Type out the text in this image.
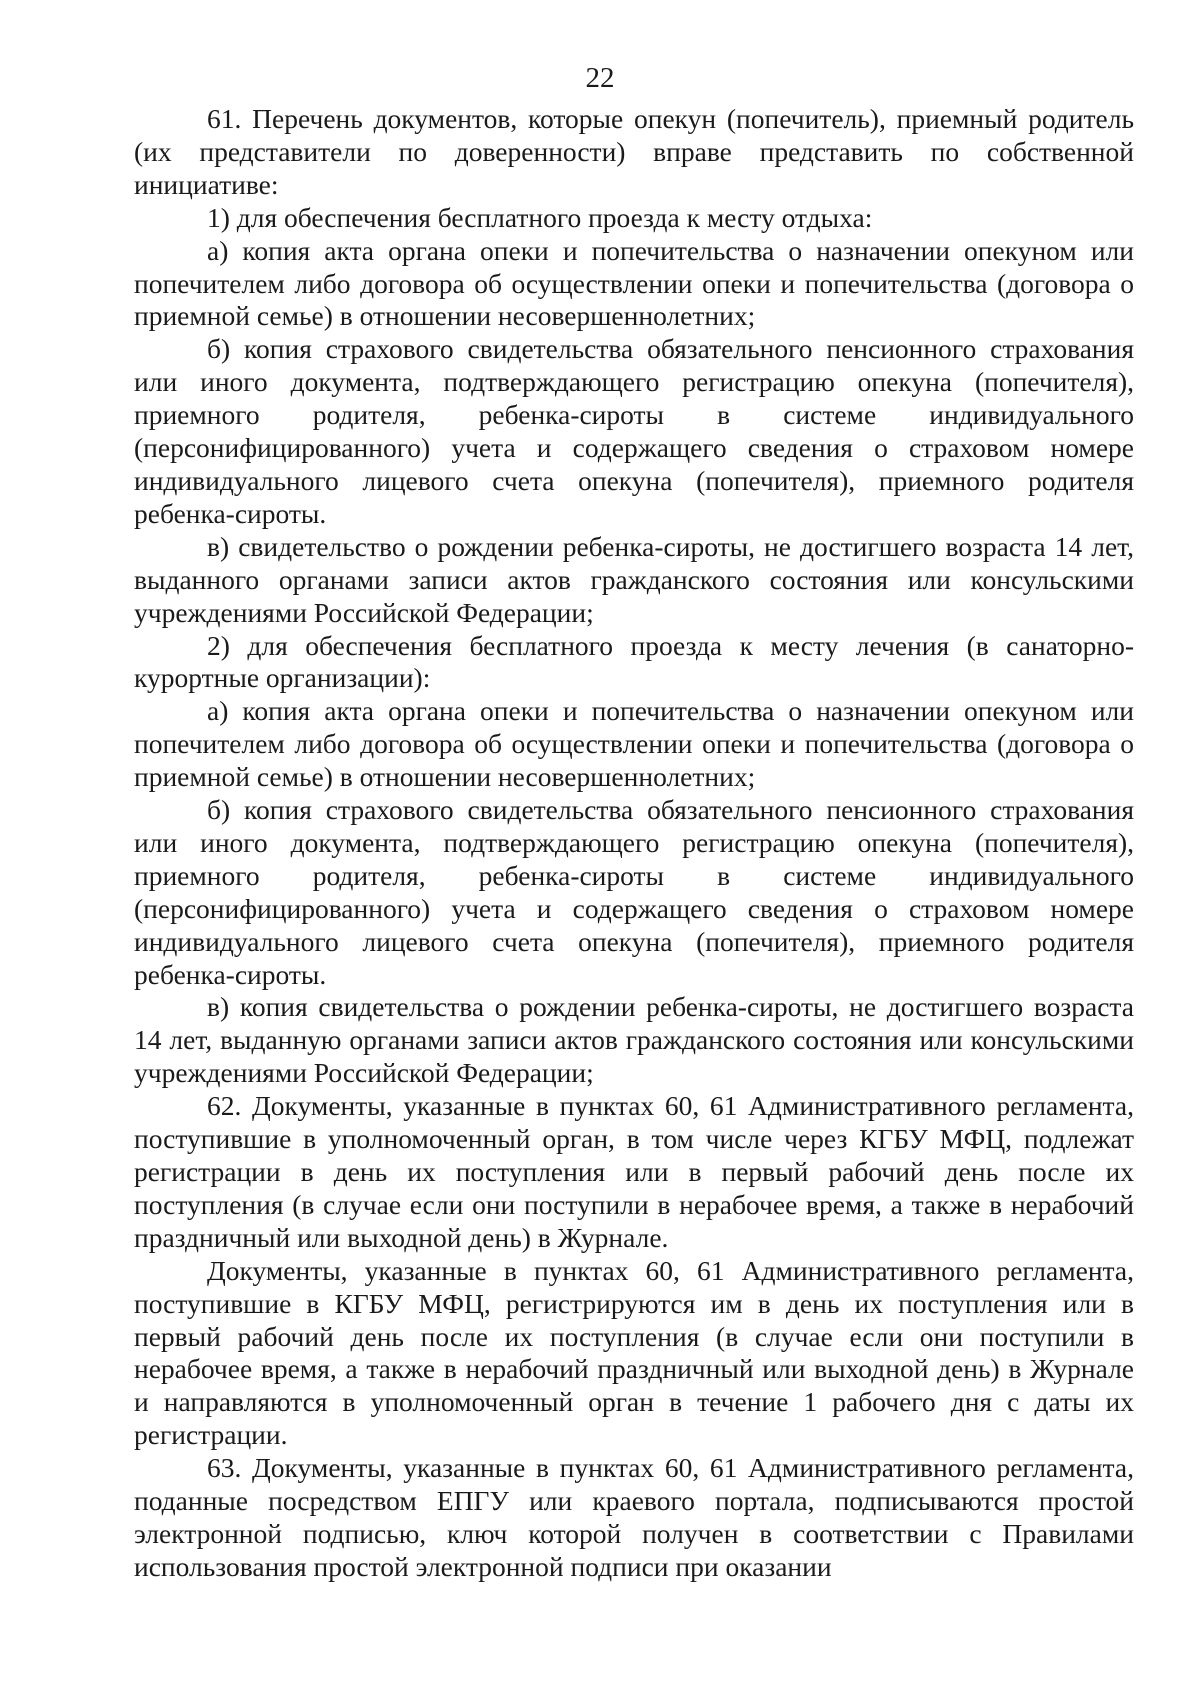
22

61. Перечень документов, которые опекун (попечитель), приемный родитель (их представители по доверенности) вправе представить по собственной инициативе:

1) для обеспечения бесплатного проезда к месту отдыха:

а) копия акта органа опеки и попечительства о назначении опекуном или попечителем либо договора об осуществлении опеки и попечительства (договора о приемной семье) в отношении несовершеннолетних;

б) копия страхового свидетельства обязательного пенсионного страхования или иного документа, подтверждающего регистрацию опекуна (попечителя), приемного родителя, ребенка-сироты в системе индивидуального (персонифицированного) учета и содержащего сведения о страховом номере индивидуального лицевого счета опекуна (попечителя), приемного родителя ребенка-сироты.

в) свидетельство о рождении ребенка-сироты, не достигшего возраста 14 лет, выданного органами записи актов гражданского состояния или консульскими учреждениями Российской Федерации;

2) для обеспечения бесплатного проезда к месту лечения (в санаторно-курортные организации):

а) копия акта органа опеки и попечительства о назначении опекуном или попечителем либо договора об осуществлении опеки и попечительства (договора о приемной семье) в отношении несовершеннолетних;

б) копия страхового свидетельства обязательного пенсионного страхования или иного документа, подтверждающего регистрацию опекуна (попечителя), приемного родителя, ребенка-сироты в системе индивидуального (персонифицированного) учета и содержащего сведения о страховом номере индивидуального лицевого счета опекуна (попечителя), приемного родителя ребенка-сироты.

в) копия свидетельства о рождении ребенка-сироты, не достигшего возраста 14 лет, выданную органами записи актов гражданского состояния или консульскими учреждениями Российской Федерации;

62. Документы, указанные в пунктах 60, 61 Административного регламента, поступившие в уполномоченный орган, в том числе через КГБУ МФЦ, подлежат регистрации в день их поступления или в первый рабочий день после их поступления (в случае если они поступили в нерабочее время, а также в нерабочий праздничный или выходной день) в Журнале.

Документы, указанные в пунктах 60, 61 Административного регламента, поступившие в КГБУ МФЦ, регистрируются им в день их поступления или в первый рабочий день после их поступления (в случае если они поступили в нерабочее время, а также в нерабочий праздничный или выходной день) в Журнале и направляются в уполномоченный орган в течение 1 рабочего дня с даты их регистрации.

63. Документы, указанные в пунктах 60, 61 Административного регламента, поданные посредством ЕПГУ или краевого портала, подписываются простой электронной подписью, ключ которой получен в соответствии с Правилами использования простой электронной подписи при оказании
